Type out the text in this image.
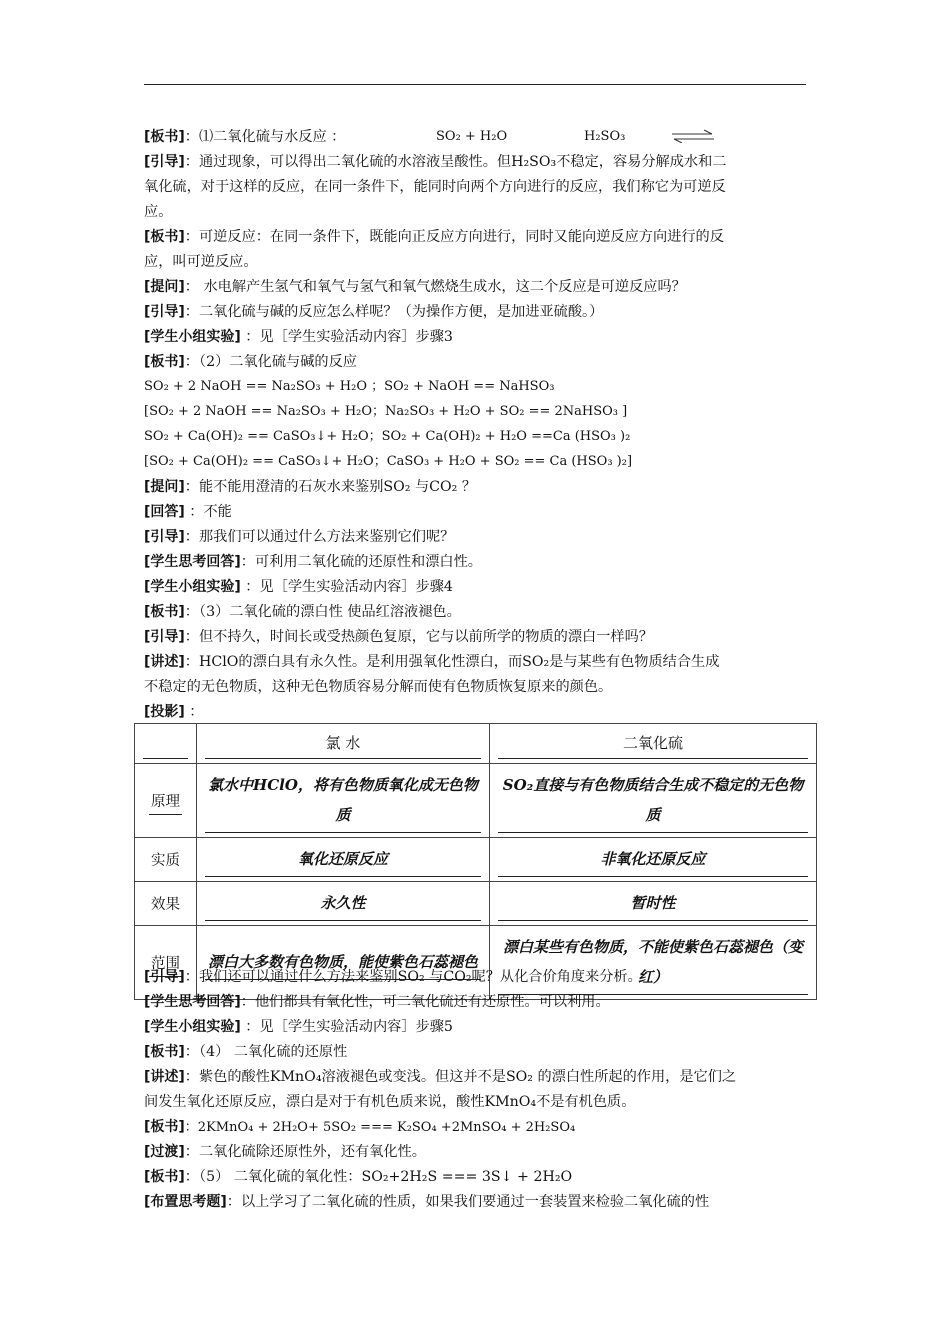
[板书]：⑴二氧化硫与水反应 ：	SO₂ + H₂O	H₂SO₃
[引导]：通过现象，可以得出二氧化硫的水溶液呈酸性。但H₂SO₃不稳定，容易分解成水和二
氧化硫，对于这样的反应，在同一条件下，能同时向两个方向进行的反应，我们称它为可逆反
应。
[板书]：可逆反应：在同一条件下，既能向正反应方向进行，同时又能向逆反应方向进行的反
应，叫可逆反应。
[提问]： 水电解产生氢气和氧气与氢气和氧气燃烧生成水，这二个反应是可逆反应吗？
[引导]：二氧化硫与碱的反应怎么样呢？（为操作方便，是加进亚硫酸。）
[学生小组实验] ：见［学生实验活动内容］步骤3
[板书]：（2）二氧化硫与碱的反应
SO₂ + 2 NaOH == Na₂SO₃ + H₂O ；SO₂ + NaOH == NaHSO₃
[SO₂ + 2 NaOH == Na₂SO₃ + H₂O；Na₂SO₃ + H₂O + SO₂ == 2NaHSO₃ ]
SO₂ + Ca(OH)₂ == CaSO₃↓+ H₂O；SO₂ + Ca(OH)₂ + H₂O ==Ca (HSO₃ )₂
[SO₂ + Ca(OH)₂ == CaSO₃↓+ H₂O；CaSO₃ + H₂O + SO₂ == Ca (HSO₃ )₂]
[提问]：能不能用澄清的石灰水来鉴别SO₂ 与CO₂ ？
[回答] ：不能
[引导]：那我们可以通过什么方法来鉴别它们呢？
[学生思考回答]：可利用二氧化硫的还原性和漂白性。
[学生小组实验] ：见［学生实验活动内容］步骤4
[板书]：（3）二氧化硫的漂白性 使品红溶液褪色。
[引导]：但不持久，时间长或受热颜色复原，它与以前所学的物质的漂白一样吗？
[讲述]：HClO的漂白具有永久性。是利用强氧化性漂白，而SO₂是与某些有色物质结合生成
不稳定的无色物质，这种无色物质容易分解而使有色物质恢复原来的颜色。
[投影] ：

	氯 水	二氧化硫

原理	氯水中HClO，将有色物质氧化成无色物质	SO₂直接与有色物质结合生成不稳定的无色物质

实质	氧化还原反应	非氧化还原反应

效果	永久性	暂时性

范围	漂白大多数有色物质，能使紫色石蕊褪色	漂白某些有色物质，不能使紫色石蕊褪色（变红）
[引导]：我们还可以通过什么方法来鉴别SO₂ 与CO₂呢？从化合价角度来分析。
[学生思考回答]：他们都具有氧化性，可二氧化硫还有还原性。可以利用。
[学生小组实验] ：见［学生实验活动内容］步骤5
[板书]：（4） 二氧化硫的还原性
[讲述]：紫色的酸性KMnO₄溶液褪色或变浅。但这并不是SO₂ 的漂白性所起的作用，是它们之
间发生氧化还原反应，漂白是对于有机色质来说，酸性KMnO₄不是有机色质。
[板书]：2KMnO₄ + 2H₂O+ 5SO₂ === K₂SO₄ +2MnSO₄ + 2H₂SO₄
[过渡]：二氧化硫除还原性外，还有氧化性。
[板书]：（5） 二氧化硫的氧化性：SO₂+2H₂S === 3S↓ + 2H₂O
[布置思考题]：以上学习了二氧化硫的性质，如果我们要通过一套装置来检验二氧化硫的性
